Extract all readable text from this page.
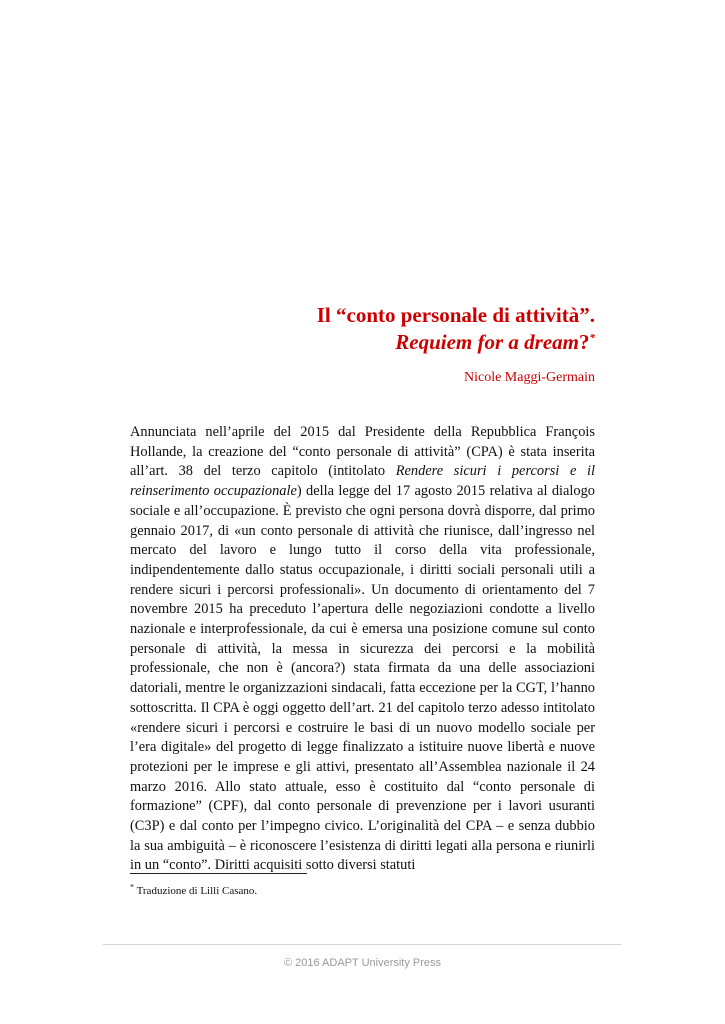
Il “conto personale di attività”.
Requiem for a dream?*
Nicole Maggi-Germain

Annunciata nell’aprile del 2015 dal Presidente della Repubblica François Hollande, la creazione del “conto personale di attività” (CPA) è stata inserita all’art. 38 del terzo capitolo (intitolato Rendere sicuri i percorsi e il reinserimento occupazionale) della legge del 17 agosto 2015 relativa al dialogo sociale e all’occupazione. È previsto che ogni persona dovrà disporre, dal primo gennaio 2017, di «un conto personale di attività che riunisce, dall’ingresso nel mercato del lavoro e lungo tutto il corso della vita professionale, indipendentemente dallo status occupazionale, i diritti sociali personali utili a rendere sicuri i percorsi professionali». Un documento di orientamento del 7 novembre 2015 ha preceduto l’apertura delle negoziazioni condotte a livello nazionale e interprofessionale, da cui è emersa una posizione comune sul conto personale di attività, la messa in sicurezza dei percorsi e la mobilità professionale, che non è (ancora?) stata firmata da una delle associazioni datoriali, mentre le organizzazioni sindacali, fatta eccezione per la CGT, l’hanno sottoscritta. Il CPA è oggi oggetto dell’art. 21 del capitolo terzo adesso intitolato «rendere sicuri i percorsi e costruire le basi di un nuovo modello sociale per l’era digitale» del progetto di legge finalizzato a istituire nuove libertà e nuove protezioni per le imprese e gli attivi, presentato all’Assemblea nazionale il 24 marzo 2016. Allo stato attuale, esso è costituito dal “conto personale di formazione” (CPF), dal conto personale di prevenzione per i lavori usuranti (C3P) e dal conto per l’impegno civico. L’originalità del CPA – e senza dubbio la sua ambiguità – è riconoscere l’esistenza di diritti legati alla persona e riunirli in un “conto”. Diritti acquisiti sotto diversi statuti

* Traduzione di Lilli Casano.
© 2016 ADAPT University Press
